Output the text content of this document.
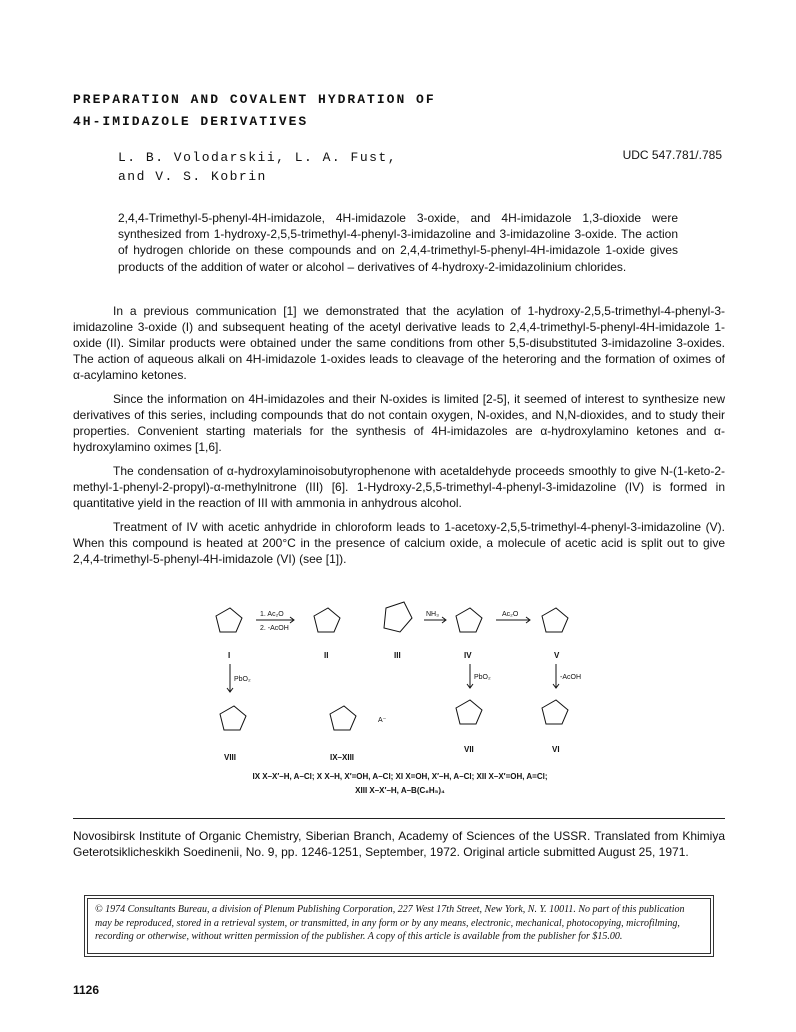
PREPARATION AND COVALENT HYDRATION OF
4H-IMIDAZOLE DERIVATIVES
L. B. Volodarskii, L. A. Fust,
and V. S. Kobrin
UDC 547.781/.785
2,4,4-Trimethyl-5-phenyl-4H-imidazole, 4H-imidazole 3-oxide, and 4H-imidazole 1,3-dioxide were synthesized from 1-hydroxy-2,5,5-trimethyl-4-phenyl-3-imidazoline and 3-imidazoline 3-oxide. The action of hydrogen chloride on these compounds and on 2,4,4-trimethyl-5-phenyl-4H-imidazole 1-oxide gives products of the addition of water or alcohol – derivatives of 4-hydroxy-2-imidazolinium chlorides.

In a previous communication [1] we demonstrated that the acylation of 1-hydroxy-2,5,5-trimethyl-4-phenyl-3-imidazoline 3-oxide (I) and subsequent heating of the acetyl derivative leads to 2,4,4-trimethyl-5-phenyl-4H-imidazole 1-oxide (II). Similar products were obtained under the same conditions from other 5,5-disubstituted 3-imidazoline 3-oxides. The action of aqueous alkali on 4H-imidazole 1-oxides leads to cleavage of the heteroring and the formation of oximes of α-acylamino ketones.

Since the information on 4H-imidazoles and their N-oxides is limited [2-5], it seemed of interest to synthesize new derivatives of this series, including compounds that do not contain oxygen, N-oxides, and N,N-dioxides, and to study their properties. Convenient starting materials for the synthesis of 4H-imidazoles are α-hydroxylamino ketones and α-hydroxylamino oximes [1,6].

The condensation of α-hydroxylaminoisobutyrophenone with acetaldehyde proceeds smoothly to give N-(1-keto-2-methyl-1-phenyl-2-propyl)-α-methylnitrone (III) [6]. 1-Hydroxy-2,5,5-trimethyl-4-phenyl-3-imidazoline (IV) is formed in quantitative yield in the reaction of III with ammonia in anhydrous alcohol.

Treatment of IV with acetic anhydride in chloroform leads to 1-acetoxy-2,5,5-trimethyl-4-phenyl-3-imidazoline (V). When this compound is heated at 200°C in the presence of calcium oxide, a molecule of acetic acid is split out to give 2,4,4-trimethyl-5-phenyl-4H-imidazole (VI) (see [1]).

I	II	III	IV	V
VIII	IX–XIII
VII	VI
1. Ac₂O
2. -AcOH
NH₃	Ac₂O
PbO₂	PbO₂	-AcOH
A⁻
IX X–X′–H, A–Cl; X X–H, X′=OH, A–Cl; XI X=OH, X′–H, A–Cl; XII X–X′=OH, A=Cl;
XIII X–X′–H, A–B(C₆H₅)₄
Novosibirsk Institute of Organic Chemistry, Siberian Branch, Academy of Sciences of the USSR. Translated from Khimiya Geterotsiklicheskikh Soedinenii, No. 9, pp. 1246-1251, September, 1972. Original article submitted August 25, 1971.
© 1974 Consultants Bureau, a division of Plenum Publishing Corporation, 227 West 17th Street, New York, N. Y. 10011. No part of this publication may be reproduced, stored in a retrieval system, or transmitted, in any form or by any means, electronic, mechanical, photocopying, microfilming, recording or otherwise, without written permission of the publisher. A copy of this article is available from the publisher for $15.00.
1126
